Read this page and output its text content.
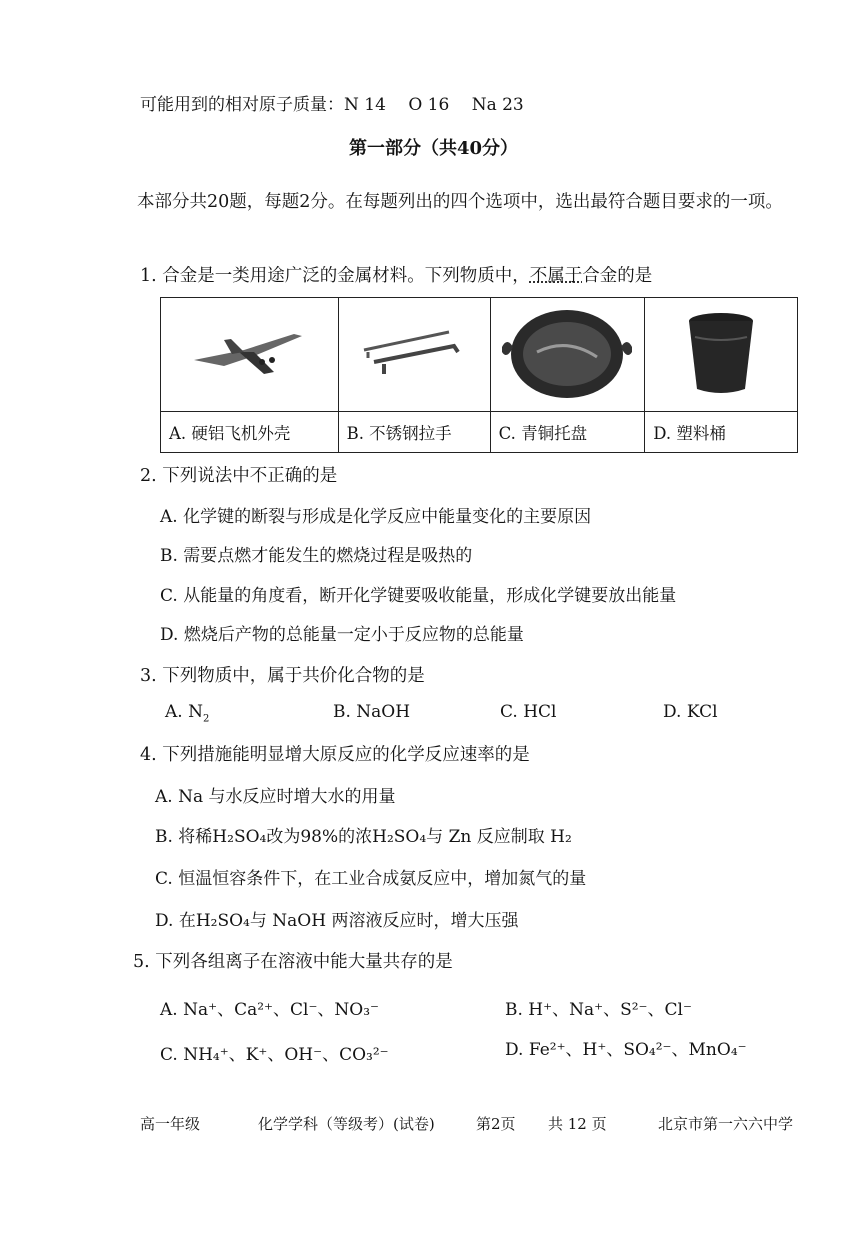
可能用到的相对原子质量：N 14　 O 16　 Na 23
第一部分（共40分）
本部分共20题，每题2分。在每题列出的四个选项中，选出最符合题目要求的一项。
1. 合金是一类用途广泛的金属材料。下列物质中，不属于合金的是

A. 硬铝飞机外壳	B. 不锈钢拉手	C. 青铜托盘	D. 塑料桶
2. 下列说法中不正确的是
A. 化学键的断裂与形成是化学反应中能量变化的主要原因
B. 需要点燃才能发生的燃烧过程是吸热的
C. 从能量的角度看，断开化学键要吸收能量，形成化学键要放出能量
D. 燃烧后产物的总能量一定小于反应物的总能量
3. 下列物质中，属于共价化合物的是
A. $N_2$	B. NaOH	C. HCl	D. KCl
4. 下列措施能明显增大原反应的化学反应速率的是
A. Na 与水反应时增大水的用量
B. 将稀H₂SO₄改为98%的浓H₂SO₄与 Zn 反应制取 H₂
C. 恒温恒容条件下，在工业合成氨反应中，增加氮气的量
D. 在H₂SO₄与 NaOH 两溶液反应时，增大压强
5. 下列各组离子在溶液中能大量共存的是
A. Na⁺、Ca²⁺、Cl⁻、NO₃⁻	B. H⁺、Na⁺、S²⁻、Cl⁻
C. NH₄⁺、K⁺、OH⁻、CO₃²⁻	D. Fe²⁺、H⁺、SO₄²⁻、MnO₄⁻
高一年级	化学学科（等级考）(试卷)	第2页 共 12 页	北京市第一六六中学
